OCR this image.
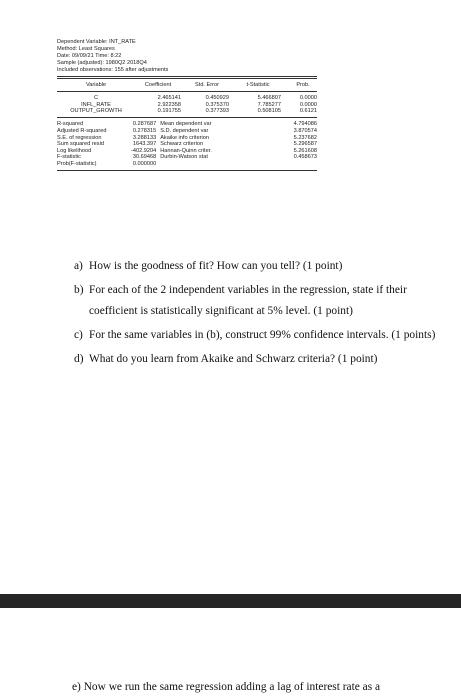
Dependent Variable: INT_RATE
Method: Least Squares
Date: 09/09/21 Time: 8:22
Sample (adjusted): 1980Q2 2018Q4
Included observations: 155 after adjustments
Variable	Coefficient	Std. Error	t-Statistic	Prob.
C	2.465141	0.450929	5.466807	0.0000
INFL_RATE	2.922358	0.375370	7.785277	0.0000
OUTPUT_GROWTH	0.191755	0.377393	0.508105	0.6121
R-squared	0.287687	Mean dependent var	4.794086
Adjusted R-squared	0.278315	S.D. dependent var	3.870574
S.E. of regression	3.288133	Akaike info criterion	5.237682
Sum squared resid	1643.397	Schwarz criterion	5.296587
Log likelihood	-402.9204	Hannan-Quinn criter.	5.261608
F-statistic	30.69468	Durbin-Watson stat	0.458673
Prob(F-statistic)	0.000000		
a) How is the goodness of fit? How can you tell? (1 point)
b) For each of the 2 independent variables in the regression, state if their coefficient is statistically significant at 5% level. (1 point)
c) For the same variables in (b), construct 99% confidence intervals. (1 points)
d) What do you learn from Akaike and Schwarz criteria? (1 point)
e) Now we run the same regression adding a lag of interest rate as a
